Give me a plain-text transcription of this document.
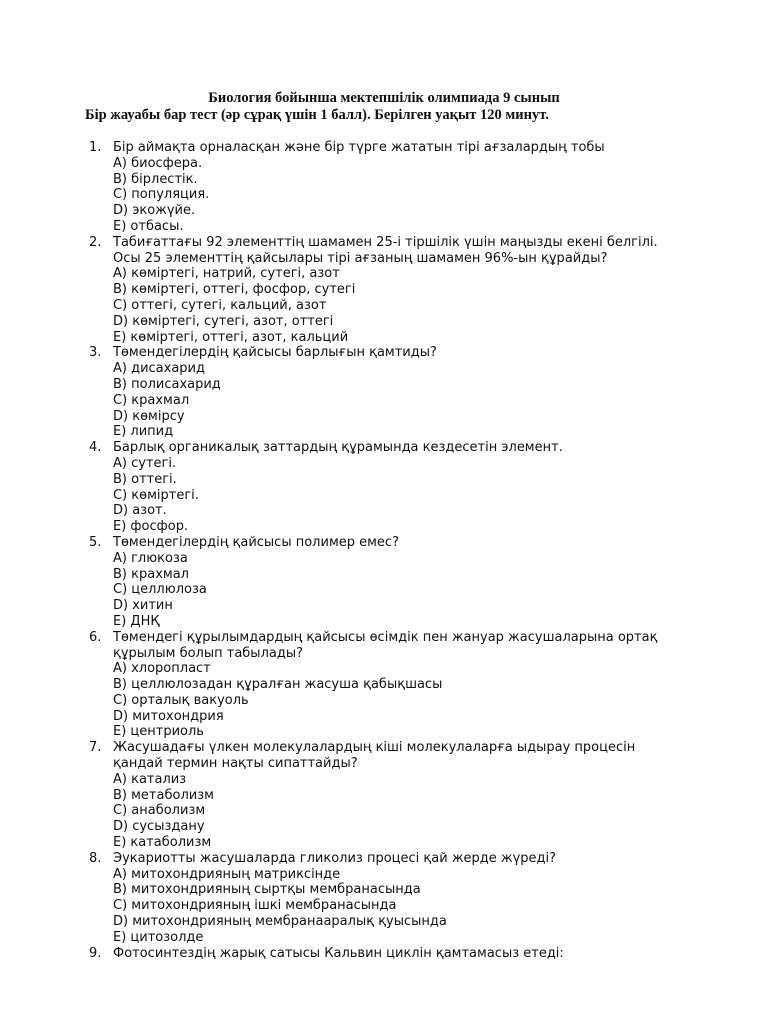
Биология бойынша мектепшілік олимпиада 9 сынып
Бір жауабы бар тест (әр сұрақ үшін 1 балл). Берілген уақыт 120 минут.
1. Бір аймақта орналасқан және бір түрге жататын тірі ағзалардың тобы
A) биосфера.
B) бірлестік.
C) популяция.
D) экожүйе.
E) отбасы.
2. Табиғаттағы 92 элементтің шамамен 25-і тіршілік үшін маңызды екені белгілі.
Осы 25 элементтің қайсылары тірі ағзаның шамамен 96%-ын құрайды?
A) көміртегі, натрий, сутегі, азот
B) көміртегі, оттегі, фосфор, сутегі
C) оттегі, сутегі, кальций, азот
D) көміртегі, сутегі, азот, оттегі
E) көміртегі, оттегі, азот, кальций
3. Төмендегілердің қайсысы барлығын қамтиды?
A) дисахарид
B) полисахарид
C) крахмал
D) көмірсу
E) липид
4. Барлық органикалық заттардың құрамында кездесетін элемент.
A) сутегі.
B) оттегі.
C) көміртегі.
D) азот.
E) фосфор.
5. Төмендегілердің қайсысы полимер емес?
A) глюкоза
B) крахмал
C) целлюлоза
D) хитин
E) ДНҚ
6. Төмендегі құрылымдардың қайсысы өсімдік пен жануар жасушаларына ортақ
құрылым болып табылады?
A) хлоропласт
B) целлюлозадан құралған жасуша қабықшасы
C) орталық вакуоль
D) митохондрия
E) центриоль
7. Жасушадағы үлкен молекулалардың кіші молекулаларға ыдырау процесін
қандай термин нақты сипаттайды?
A) катализ
B) метаболизм
C) анаболизм
D) сусыздану
E) катаболизм
8. Эукариотты жасушаларда гликолиз процесі қай жерде жүреді?
A) митохондрияның матриксінде
B) митохондрияның сыртқы мембранасында
C) митохондрияның ішкі мембранасында
D) митохондрияның мембранааралық қуысында
E) цитозолде
9. Фотосинтездің жарық сатысы Кальвин циклін қамтамасыз етеді:
